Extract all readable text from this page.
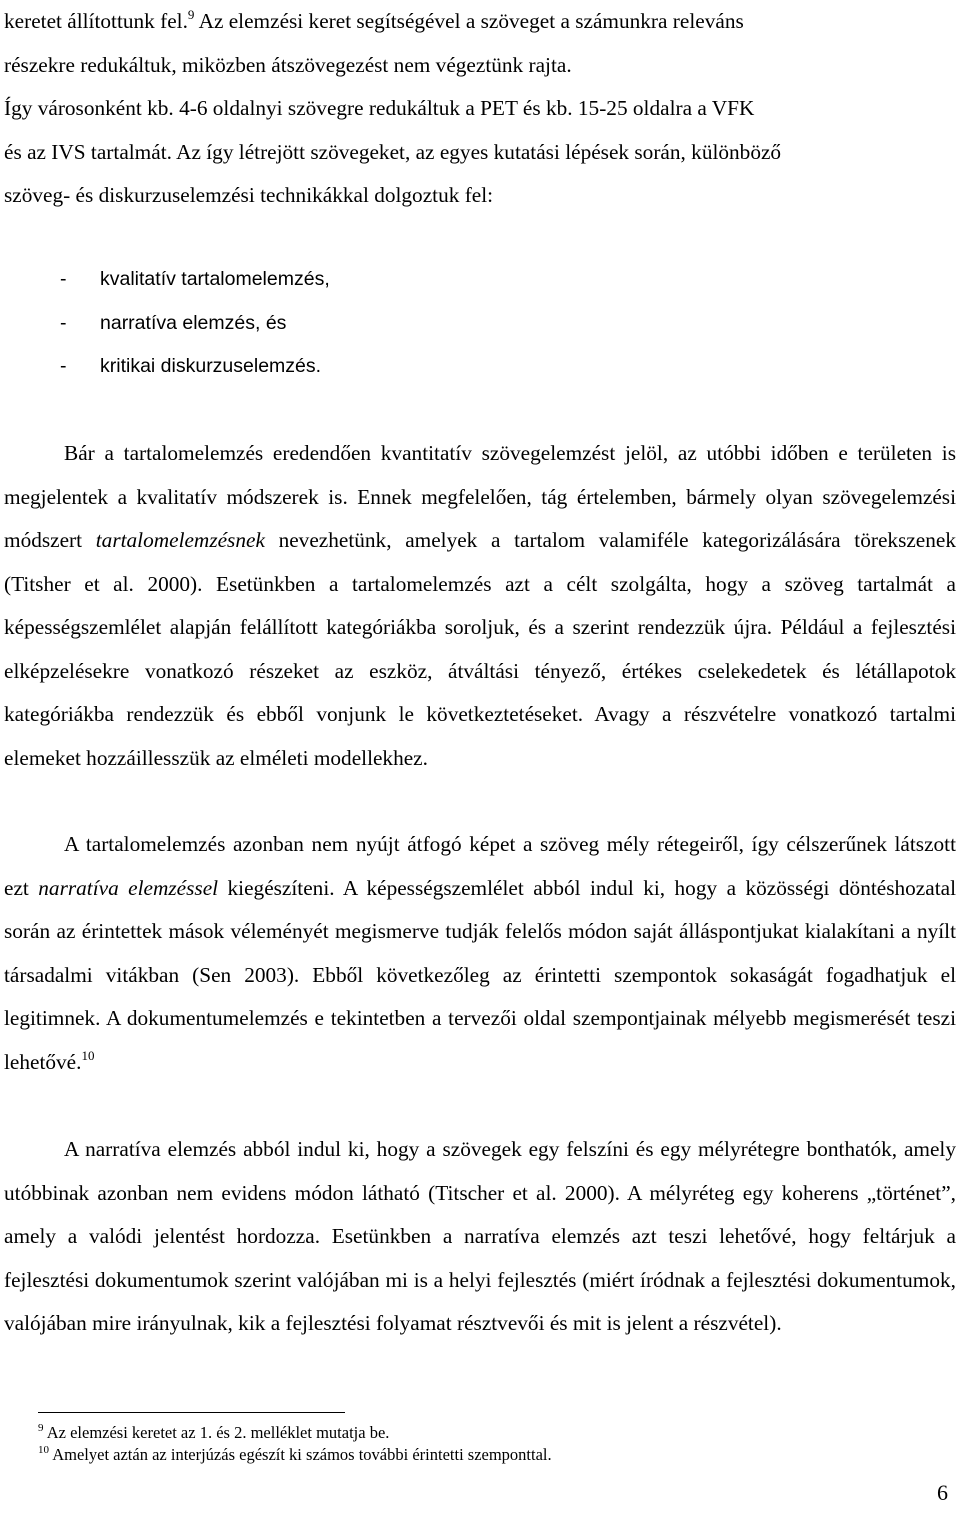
keretet állítottunk fel.$^9$ Az elemzési keret segítségével a szöveget a számunkra releváns
részekre redukáltuk, miközben átszövegezést nem végeztünk rajta.
Így városonként kb. 4-6 oldalnyi szövegre redukáltuk a PET és kb. 15-25 oldalra a VFK
és az IVS tartalmát. Az így létrejött szövegeket, az egyes kutatási lépések során, különböző
szöveg- és diskurzuselemzési technikákkal dolgoztuk fel:
- kvalitatív tartalomelemzés,
- narratíva elemzés, és
- kritikai diskurzuselemzés.

Bár a tartalomelemzés eredendően kvantitatív szövegelemzést jelöl, az utóbbi időben e területen is megjelentek a kvalitatív módszerek is. Ennek megfelelően, tág értelemben, bármely olyan szövegelemzési módszert tartalomelemzésnek nevezhetünk, amelyek a tartalom valamiféle kategorizálására törekszenek (Titsher et al. 2000). Esetünkben a tartalomelemzés azt a célt szolgálta, hogy a szöveg tartalmát a képességszemlélet alapján felállított kategóriákba soroljuk, és a szerint rendezzük újra. Például a fejlesztési elképzelésekre vonatkozó részeket az eszköz, átváltási tényező, értékes cselekedetek és létállapotok kategóriákba rendezzük és ebből vonjunk le következtetéseket. Avagy a részvételre vonatkozó tartalmi elemeket hozzáillesszük az elméleti modellekhez.

A tartalomelemzés azonban nem nyújt átfogó képet a szöveg mély rétegeiről, így célszerűnek látszott ezt narratíva elemzéssel kiegészíteni. A képességszemlélet abból indul ki, hogy a közösségi döntéshozatal során az érintettek mások véleményét megismerve tudják felelős módon saját álláspontjukat kialakítani a nyílt társadalmi vitákban (Sen 2003). Ebből következőleg az érintetti szempontok sokaságát fogadhatjuk el legitimnek. A dokumentumelemzés e tekintetben a tervezői oldal szempontjainak mélyebb megismerését teszi lehetővé.$^{10}$

A narratíva elemzés abból indul ki, hogy a szövegek egy felszíni és egy mélyrétegre bonthatók, amely utóbbinak azonban nem evidens módon látható (Titscher et al. 2000). A mélyréteg egy koherens „történet”, amely a valódi jelentést hordozza. Esetünkben a narratíva elemzés azt teszi lehetővé, hogy feltárjuk a fejlesztési dokumentumok szerint valójában mi is a helyi fejlesztés (miért íródnak a fejlesztési dokumentumok, valójában mire irányulnak, kik a fejlesztési folyamat résztvevői és mit is jelent a részvétel).

$^9$ Az elemzési keretet az 1. és 2. melléklet mutatja be.
$^{10}$ Amelyet aztán az interjúzás egészít ki számos további érintetti szemponttal.
6
